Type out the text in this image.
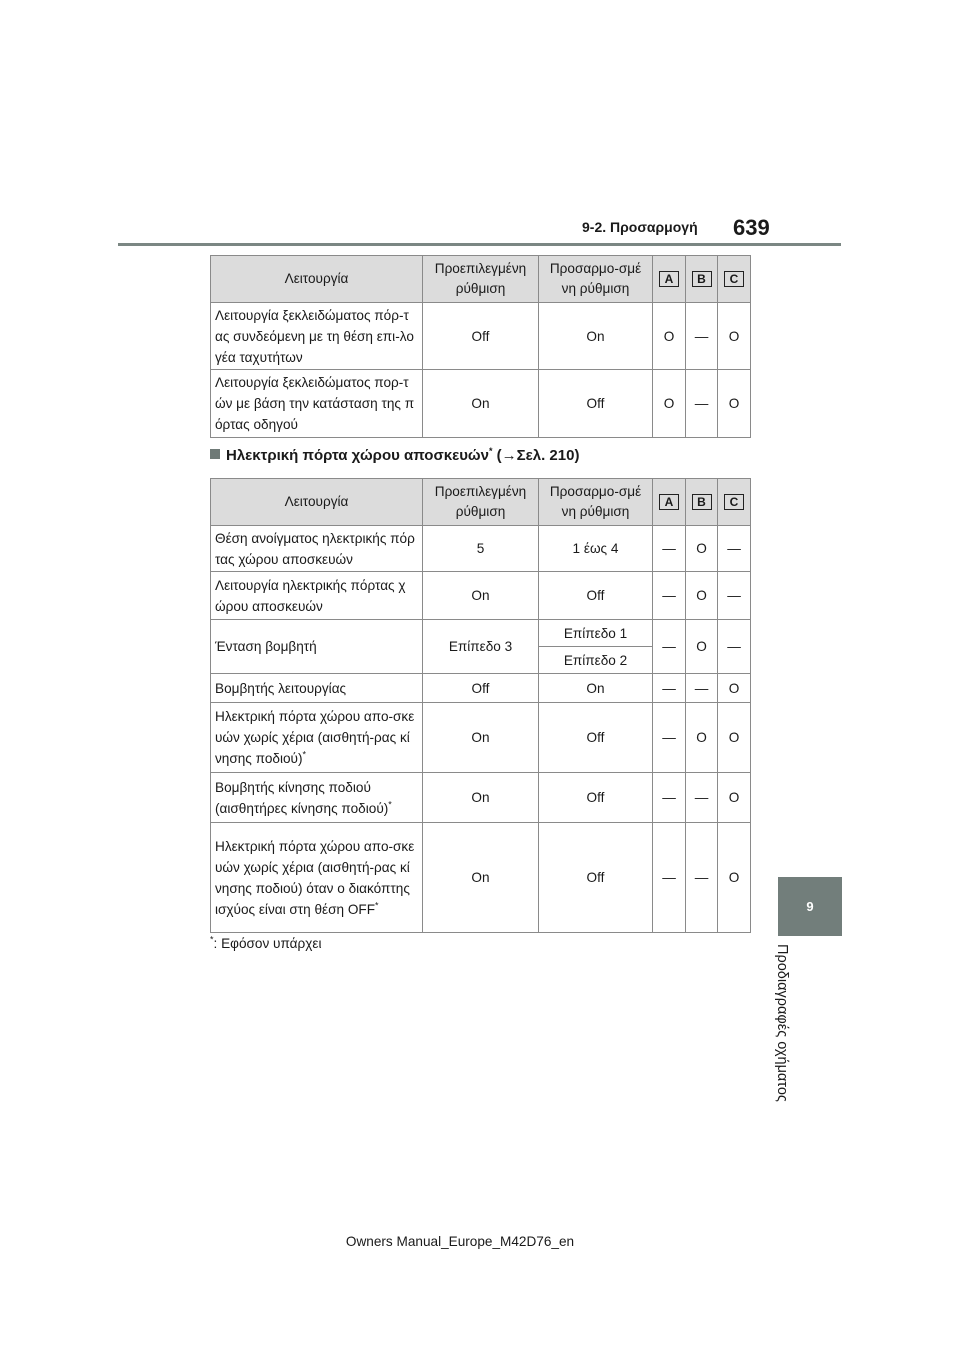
9-2. Προσαρμογή 639
9
Προδιαγραφές οχήματος
Λειτουργία	Προεπιλεγμένη ρύθμιση	Προσαρμο-σμένη ρύθμιση	A	B	C

Λειτουργία ξεκλειδώματος πόρ-τας συνδεόμενη με τη θέση επι-λογέα ταχυτήτων	Off	On	O	—	O

Λειτουργία ξεκλειδώματος πορ-τών με βάση την κατάσταση της πόρτας οδηγού	On	Off	O	—	O
Ηλεκτρική πόρτα χώρου αποσκευών* (→Σελ. 210)
Λειτουργία	Προεπιλεγμένη ρύθμιση	Προσαρμο-σμένη ρύθμιση	A	B	C

Θέση ανοίγματος ηλεκτρικής πόρτας χώρου αποσκευών	5	1 έως 4	—	O	—

Λειτουργία ηλεκτρικής πόρτας χώρου αποσκευών	On	Off	—	O	—
Ένταση βομβητή	Επίπεδο 3	Επίπεδο 1	—	O	—
		Επίπεδο 2			
Βομβητής λειτουργίας	Off	On	—	—	O

Ηλεκτρική πόρτα χώρου απο-σκευών χωρίς χέρια (αισθητή-ρας κίνησης ποδιού)*	On	Off	—	O	O

Βομβητής κίνησης ποδιού (αισθητήρες κίνησης ποδιού)*	On	Off	—	—	O

Ηλεκτρική πόρτα χώρου απο-σκευών χωρίς χέρια (αισθητή-ρας κίνησης ποδιού) όταν ο διακόπτης ισχύος είναι στη θέση OFF*	On	Off	—	—	O
*: Εφόσον υπάρχει
Owners Manual_Europe_M42D76_en
